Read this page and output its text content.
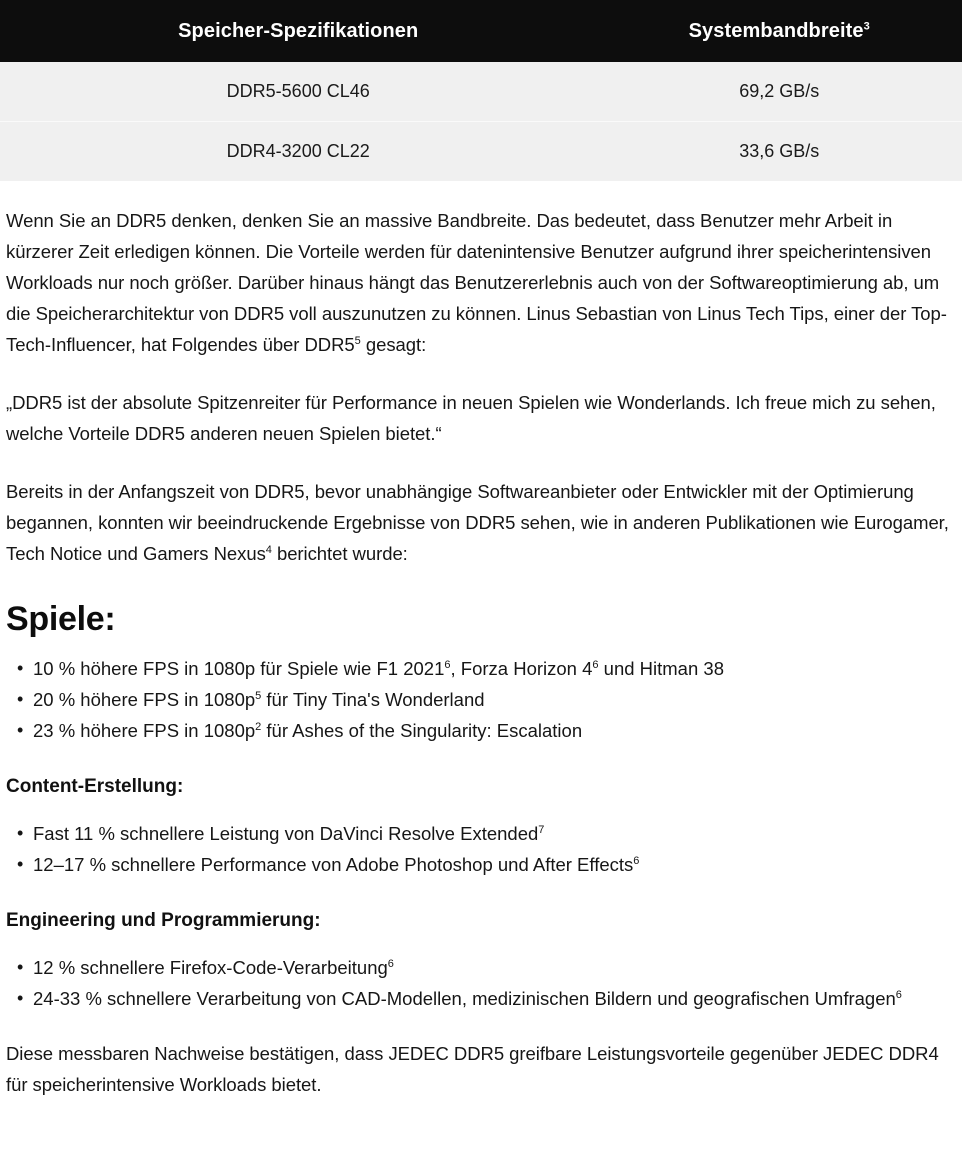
Speicher-Spezifikationen	Systembandbreite$^3$
DDR5-5600 CL46	69,2 GB/s
DDR4-3200 CL22	33,6 GB/s

Wenn Sie an DDR5 denken, denken Sie an massive Bandbreite. Das bedeutet, dass Benutzer mehr Arbeit in kürzerer Zeit erledigen können. Die Vorteile werden für datenintensive Benutzer aufgrund ihrer speicherintensiven Workloads nur noch größer. Darüber hinaus hängt das Benutzererlebnis auch von der Softwareoptimierung ab, um die Speicherarchitektur von DDR5 voll auszunutzen zu können. Linus Sebastian von Linus Tech Tips, einer der Top-Tech-Influencer, hat Folgendes über $DDR5^5$ gesagt:

„DDR5 ist der absolute Spitzenreiter für Performance in neuen Spielen wie Wonderlands. Ich freue mich zu sehen, welche Vorteile DDR5 anderen neuen Spielen bietet.“

Bereits in der Anfangszeit von DDR5, bevor unabhängige Softwareanbieter oder Entwickler mit der Optimierung begannen, konnten wir beeindruckende Ergebnisse von DDR5 sehen, wie in anderen Publikationen wie Eurogamer, Tech Notice und Gamers Nexus$^4$ berichtet wurde:

Spiele:
• 10 % höhere FPS in 1080p für Spiele wie F1 2021$^6$, Forza Horizon $4^6$ und Hitman 38
• 20 % höhere FPS in $1080p^5$ für Tiny Tina's Wonderland
• 23 % höhere FPS in $1080p^2$ für Ashes of the Singularity: Escalation
Content-Erstellung:
• Fast 11 % schnellere Leistung von DaVinci Resolve Extended$^7$
• 12–17 % schnellere Performance von Adobe Photoshop und After Effects$^6$
Engineering und Programmierung:
• 12 % schnellere Firefox-Code-Verarbeitung$^6$
• 24-33 % schnellere Verarbeitung von CAD-Modellen, medizinischen Bildern und geografischen Umfragen$^6$

Diese messbaren Nachweise bestätigen, dass JEDEC DDR5 greifbare Leistungsvorteile gegenüber JEDEC DDR4 für speicherintensive Workloads bietet.
